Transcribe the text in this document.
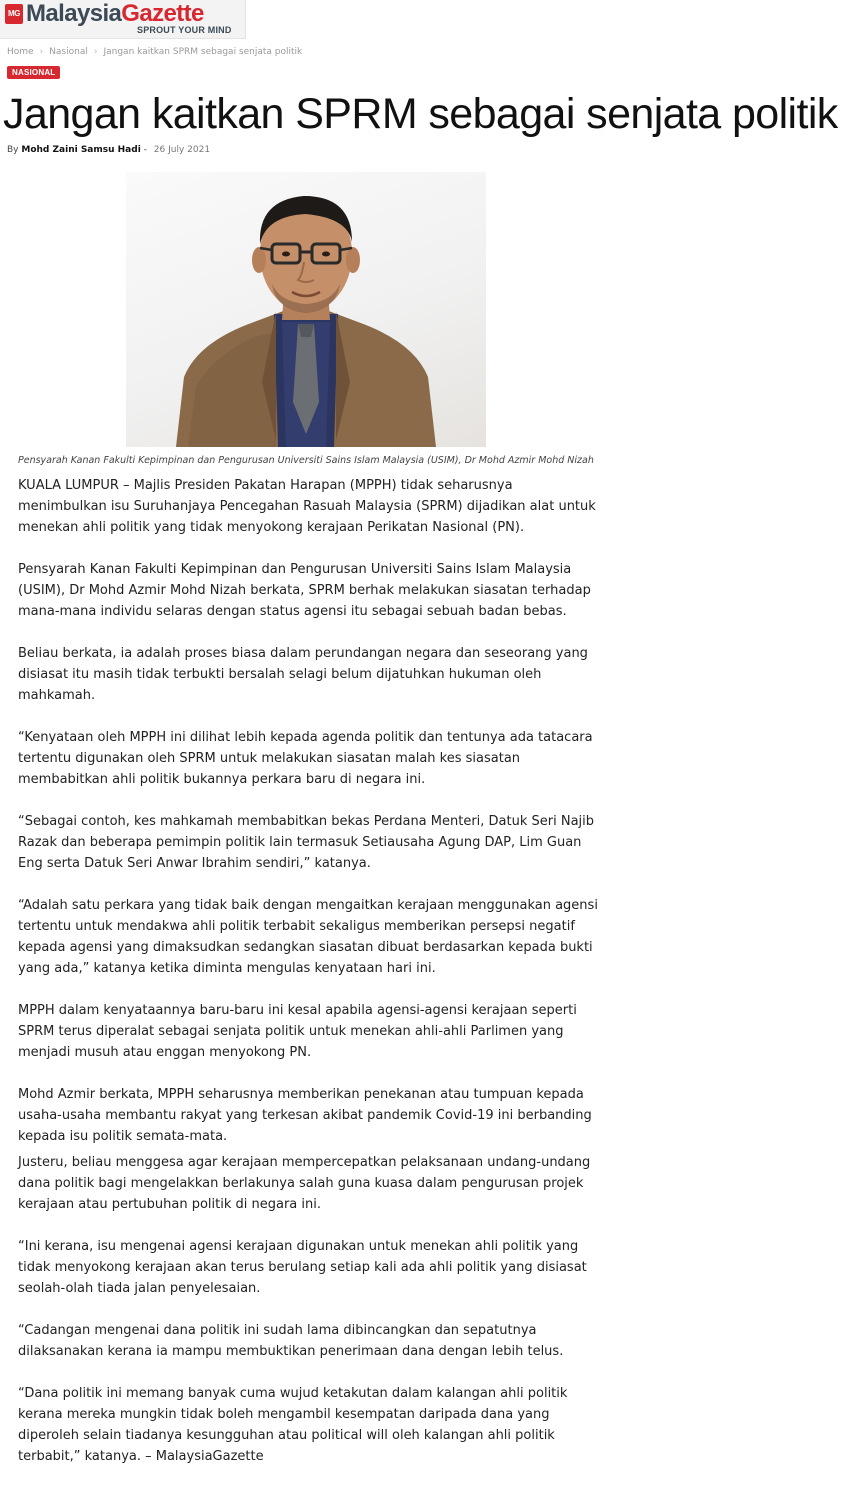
MG MalaysiaGazette
SPROUT YOUR MIND
Home › Nasional › Jangan kaitkan SPRM sebagai senjata politik
NASIONAL
Jangan kaitkan SPRM sebagai senjata politik
By Mohd Zaini Samsu Hadi - 26 July 2021
Pensyarah Kanan Fakulti Kepimpinan dan Pengurusan Universiti Sains Islam Malaysia (USIM), Dr Mohd Azmir Mohd Nizah

KUALA LUMPUR – Majlis Presiden Pakatan Harapan (MPPH) tidak seharusnya menimbulkan isu Suruhanjaya Pencegahan Rasuah Malaysia (SPRM) dijadikan alat untuk menekan ahli politik yang tidak menyokong kerajaan Perikatan Nasional (PN).

Pensyarah Kanan Fakulti Kepimpinan dan Pengurusan Universiti Sains Islam Malaysia (USIM), Dr Mohd Azmir Mohd Nizah berkata, SPRM berhak melakukan siasatan terhadap mana-mana individu selaras dengan status agensi itu sebagai sebuah badan bebas.

Beliau berkata, ia adalah proses biasa dalam perundangan negara dan seseorang yang disiasat itu masih tidak terbukti bersalah selagi belum dijatuhkan hukuman oleh mahkamah.

“Kenyataan oleh MPPH ini dilihat lebih kepada agenda politik dan tentunya ada tatacara tertentu digunakan oleh SPRM untuk melakukan siasatan malah kes siasatan membabitkan ahli politik bukannya perkara baru di negara ini.

“Sebagai contoh, kes mahkamah membabitkan bekas Perdana Menteri, Datuk Seri Najib Razak dan beberapa pemimpin politik lain termasuk Setiausaha Agung DAP, Lim Guan Eng serta Datuk Seri Anwar Ibrahim sendiri,” katanya.

“Adalah satu perkara yang tidak baik dengan mengaitkan kerajaan menggunakan agensi tertentu untuk mendakwa ahli politik terbabit sekaligus memberikan persepsi negatif kepada agensi yang dimaksudkan sedangkan siasatan dibuat berdasarkan kepada bukti yang ada,” katanya ketika diminta mengulas kenyataan hari ini.

MPPH dalam kenyataannya baru-baru ini kesal apabila agensi-agensi kerajaan seperti SPRM terus diperalat sebagai senjata politik untuk menekan ahli-ahli Parlimen yang menjadi musuh atau enggan menyokong PN.

Mohd Azmir berkata, MPPH seharusnya memberikan penekanan atau tumpuan kepada usaha-usaha membantu rakyat yang terkesan akibat pandemik Covid-19 ini berbanding kepada isu politik semata-mata.

Justeru, beliau menggesa agar kerajaan mempercepatkan pelaksanaan undang-undang dana politik bagi mengelakkan berlakunya salah guna kuasa dalam pengurusan projek kerajaan atau pertubuhan politik di negara ini.

“Ini kerana, isu mengenai agensi kerajaan digunakan untuk menekan ahli politik yang tidak menyokong kerajaan akan terus berulang setiap kali ada ahli politik yang disiasat seolah-olah tiada jalan penyelesaian.

“Cadangan mengenai dana politik ini sudah lama dibincangkan dan sepatutnya dilaksanakan kerana ia mampu membuktikan penerimaan dana dengan lebih telus.

“Dana politik ini memang banyak cuma wujud ketakutan dalam kalangan ahli politik kerana mereka mungkin tidak boleh mengambil kesempatan daripada dana yang diperoleh selain tiadanya kesungguhan atau political will oleh kalangan ahli politik terbabit,” katanya. – MalaysiaGazette
